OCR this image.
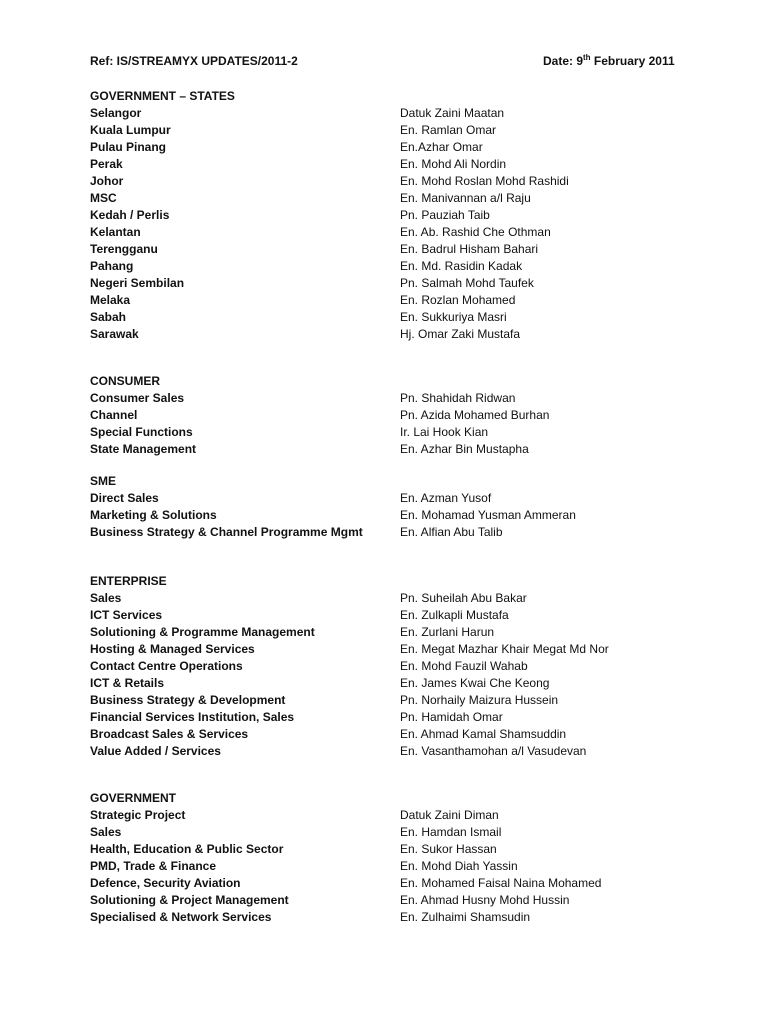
Ref: IS/STREAMYX UPDATES/2011-2	Date: 9th February 2011
GOVERNMENT – STATES
Selangor	Datuk Zaini Maatan
Kuala Lumpur	En. Ramlan Omar
Pulau Pinang	En.Azhar Omar
Perak	En. Mohd Ali Nordin
Johor	En. Mohd Roslan Mohd Rashidi
MSC	En. Manivannan a/l Raju
Kedah / Perlis	Pn. Pauziah Taib
Kelantan	En. Ab. Rashid Che Othman
Terengganu	En. Badrul Hisham Bahari
Pahang	En. Md. Rasidin Kadak
Negeri Sembilan	Pn. Salmah Mohd Taufek
Melaka	En. Rozlan Mohamed
Sabah	En. Sukkuriya Masri
Sarawak	Hj. Omar Zaki Mustafa
CONSUMER
Consumer Sales	Pn. Shahidah Ridwan
Channel	Pn. Azida Mohamed Burhan
Special Functions	Ir. Lai Hook Kian
State Management	En. Azhar Bin Mustapha
SME
Direct Sales	En. Azman Yusof
Marketing & Solutions	En. Mohamad Yusman Ammeran
Business Strategy & Channel Programme Mgmt	En. Alfian Abu Talib
ENTERPRISE
Sales	Pn. Suheilah Abu Bakar
ICT Services	En. Zulkapli Mustafa
Solutioning & Programme Management	En. Zurlani Harun
Hosting & Managed Services	En. Megat Mazhar Khair Megat Md Nor
Contact Centre Operations	En. Mohd Fauzil Wahab
ICT & Retails	En. James Kwai Che Keong
Business Strategy & Development	Pn. Norhaily Maizura Hussein
Financial Services Institution, Sales	Pn. Hamidah Omar
Broadcast Sales & Services	En. Ahmad Kamal Shamsuddin
Value Added / Services	En. Vasanthamohan a/l Vasudevan
GOVERNMENT
Strategic Project	Datuk Zaini Diman
Sales	En. Hamdan Ismail
Health, Education & Public Sector	En. Sukor Hassan
PMD, Trade & Finance	En. Mohd Diah Yassin
Defence, Security Aviation	En. Mohamed Faisal Naina Mohamed
Solutioning & Project Management	En. Ahmad Husny Mohd Hussin
Specialised & Network Services	En. Zulhaimi Shamsudin
